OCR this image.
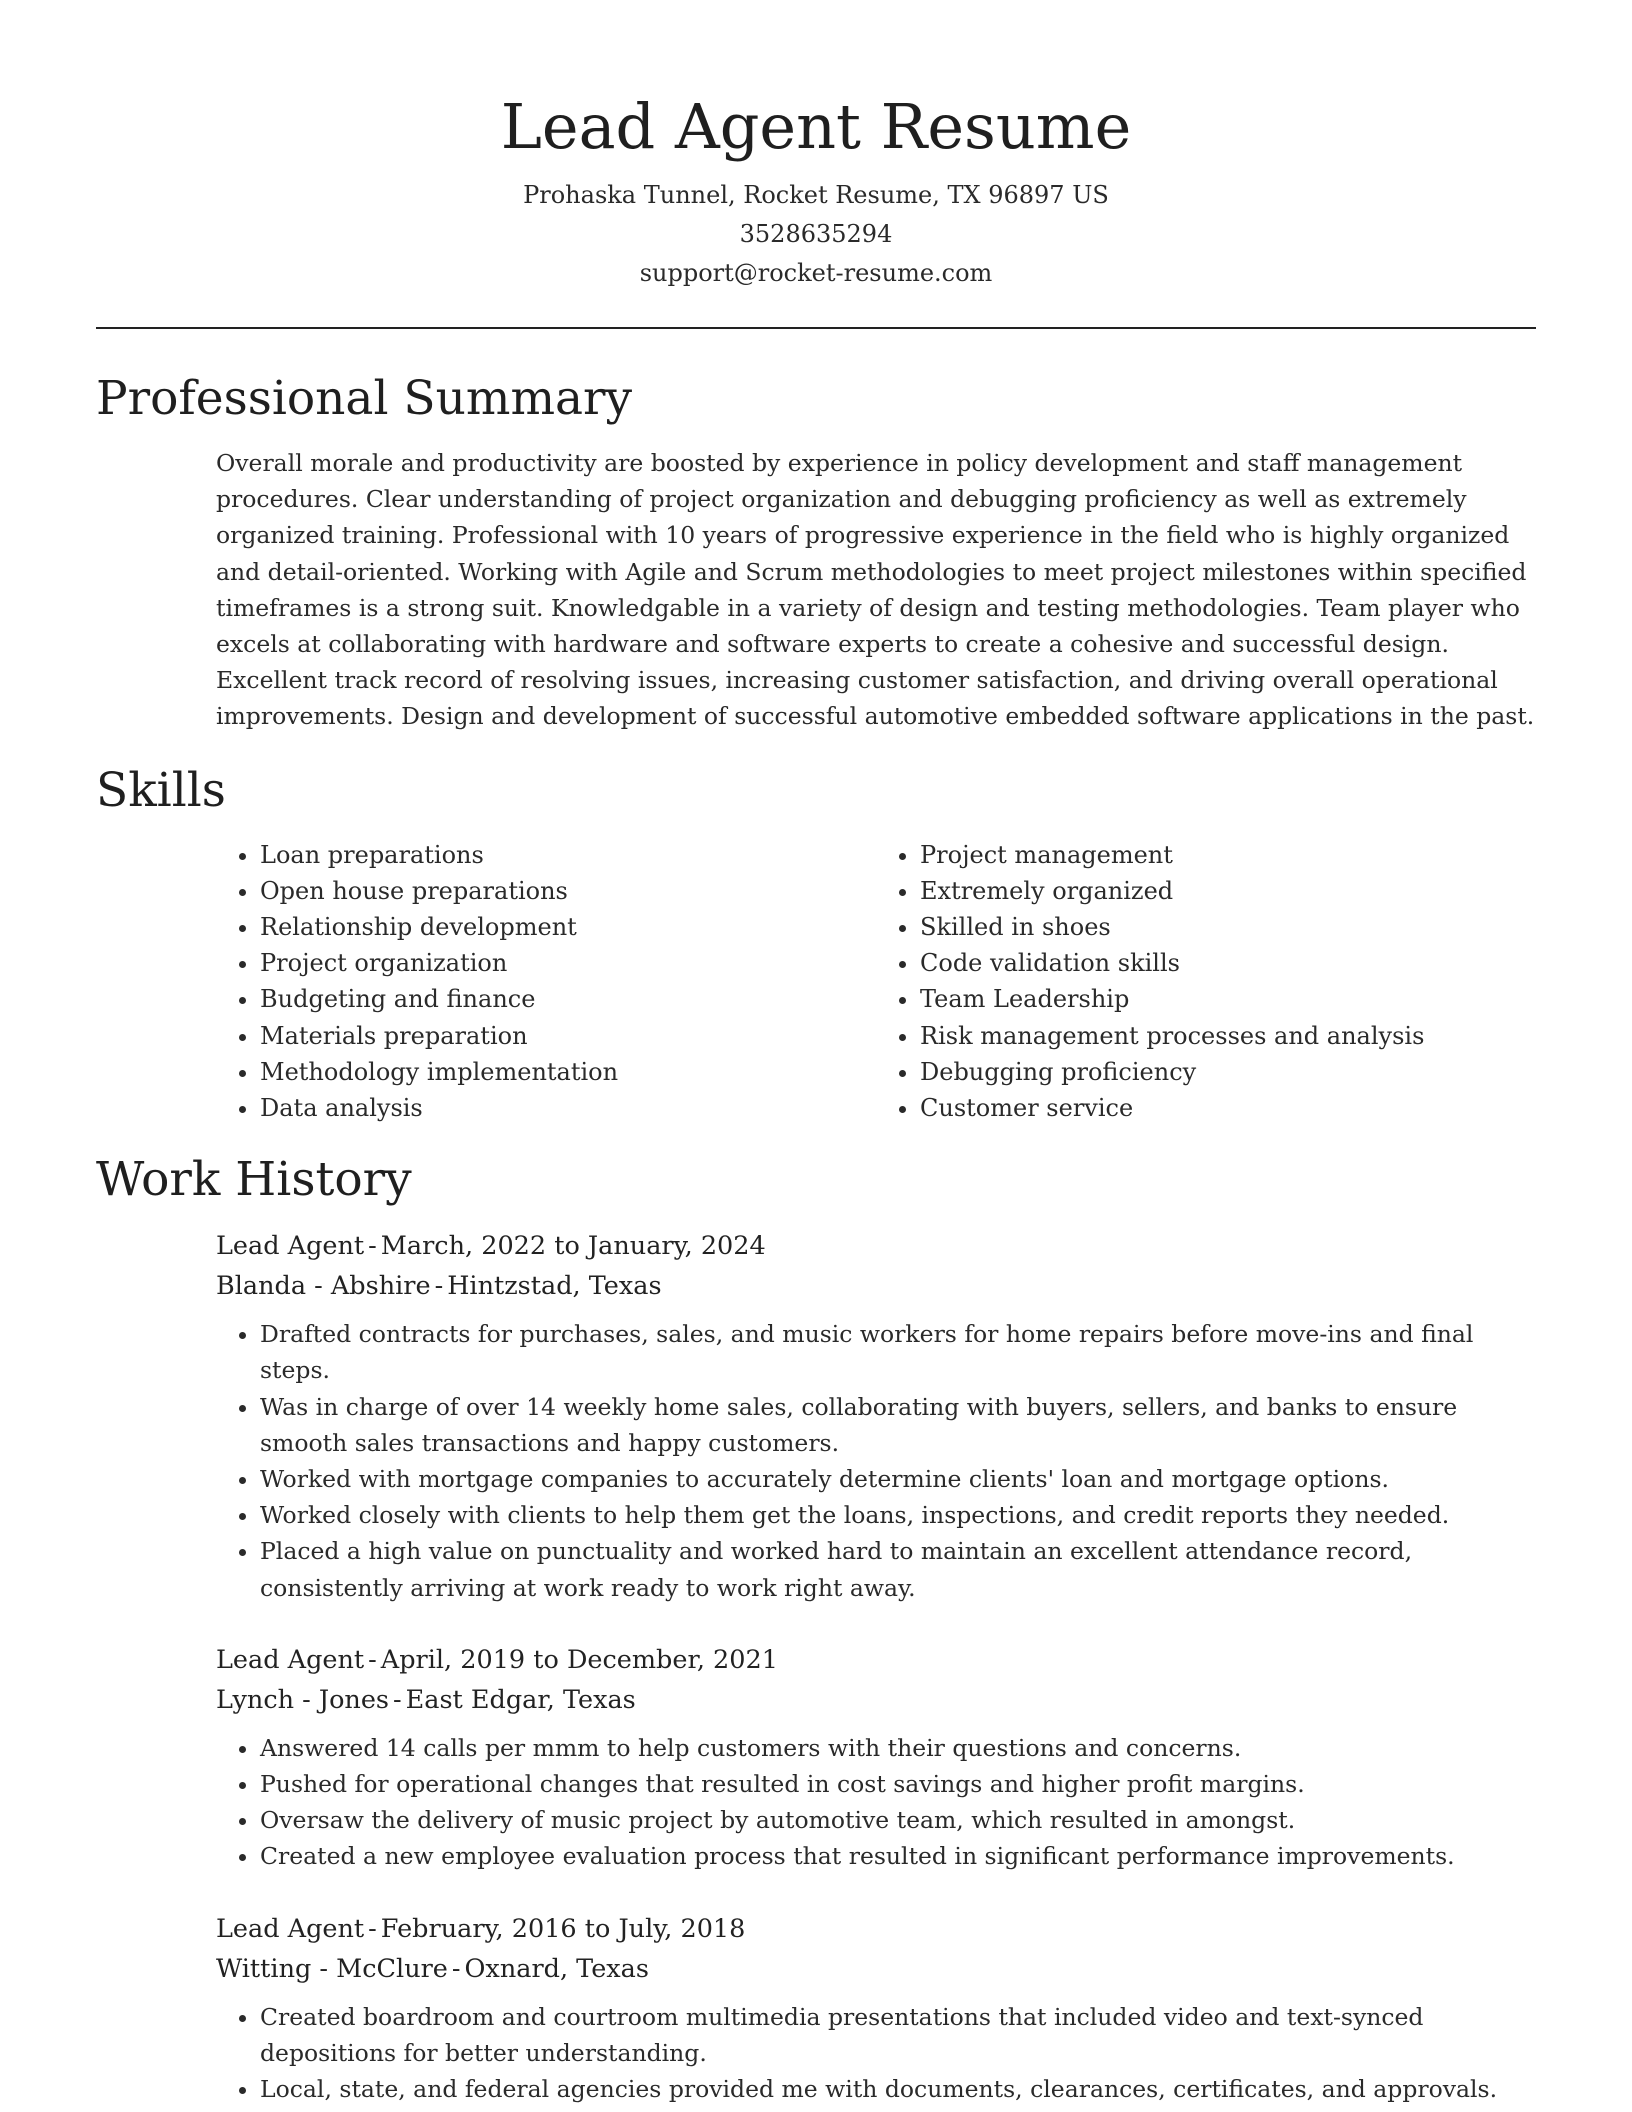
Lead Agent Resume
Prohaska Tunnel, Rocket Resume, TX 96897 US
3528635294
support@rocket-resume.com
Professional Summary

Overall morale and productivity are boosted by experience in policy development and staff management procedures. Clear understanding of project organization and debugging proficiency as well as extremely organized training. Professional with 10 years of progressive experience in the field who is highly organized and detail-oriented. Working with Agile and Scrum methodologies to meet project milestones within specified timeframes is a strong suit. Knowledgable in a variety of design and testing methodologies. Team player who excels at collaborating with hardware and software experts to create a cohesive and successful design. Excellent track record of resolving issues, increasing customer satisfaction, and driving overall operational improvements. Design and development of successful automotive embedded software applications in the past.

Skills
• Loan preparations
• Open house preparations
• Relationship development
• Project organization
• Budgeting and finance
• Materials preparation
• Methodology implementation
• Data analysis
• Project management
• Extremely organized
• Skilled in shoes
• Code validation skills
• Team Leadership
• Risk management processes and analysis
• Debugging proficiency
• Customer service
Work History
Lead Agent - March, 2022 to January, 2024
Blanda - Abshire - Hintzstad, Texas
• Drafted contracts for purchases, sales, and music workers for home repairs before move-ins and final steps.
• Was in charge of over 14 weekly home sales, collaborating with buyers, sellers, and banks to ensure smooth sales transactions and happy customers.
• Worked with mortgage companies to accurately determine clients' loan and mortgage options.
• Worked closely with clients to help them get the loans, inspections, and credit reports they needed.
• Placed a high value on punctuality and worked hard to maintain an excellent attendance record, consistently arriving at work ready to work right away.
Lead Agent - April, 2019 to December, 2021
Lynch - Jones - East Edgar, Texas
• Answered 14 calls per mmm to help customers with their questions and concerns.
• Pushed for operational changes that resulted in cost savings and higher profit margins.
• Oversaw the delivery of music project by automotive team, which resulted in amongst.
• Created a new employee evaluation process that resulted in significant performance improvements.
Lead Agent - February, 2016 to July, 2018
Witting - McClure - Oxnard, Texas
• Created boardroom and courtroom multimedia presentations that included video and text-synced depositions for better understanding.
• Local, state, and federal agencies provided me with documents, clearances, certificates, and approvals.
